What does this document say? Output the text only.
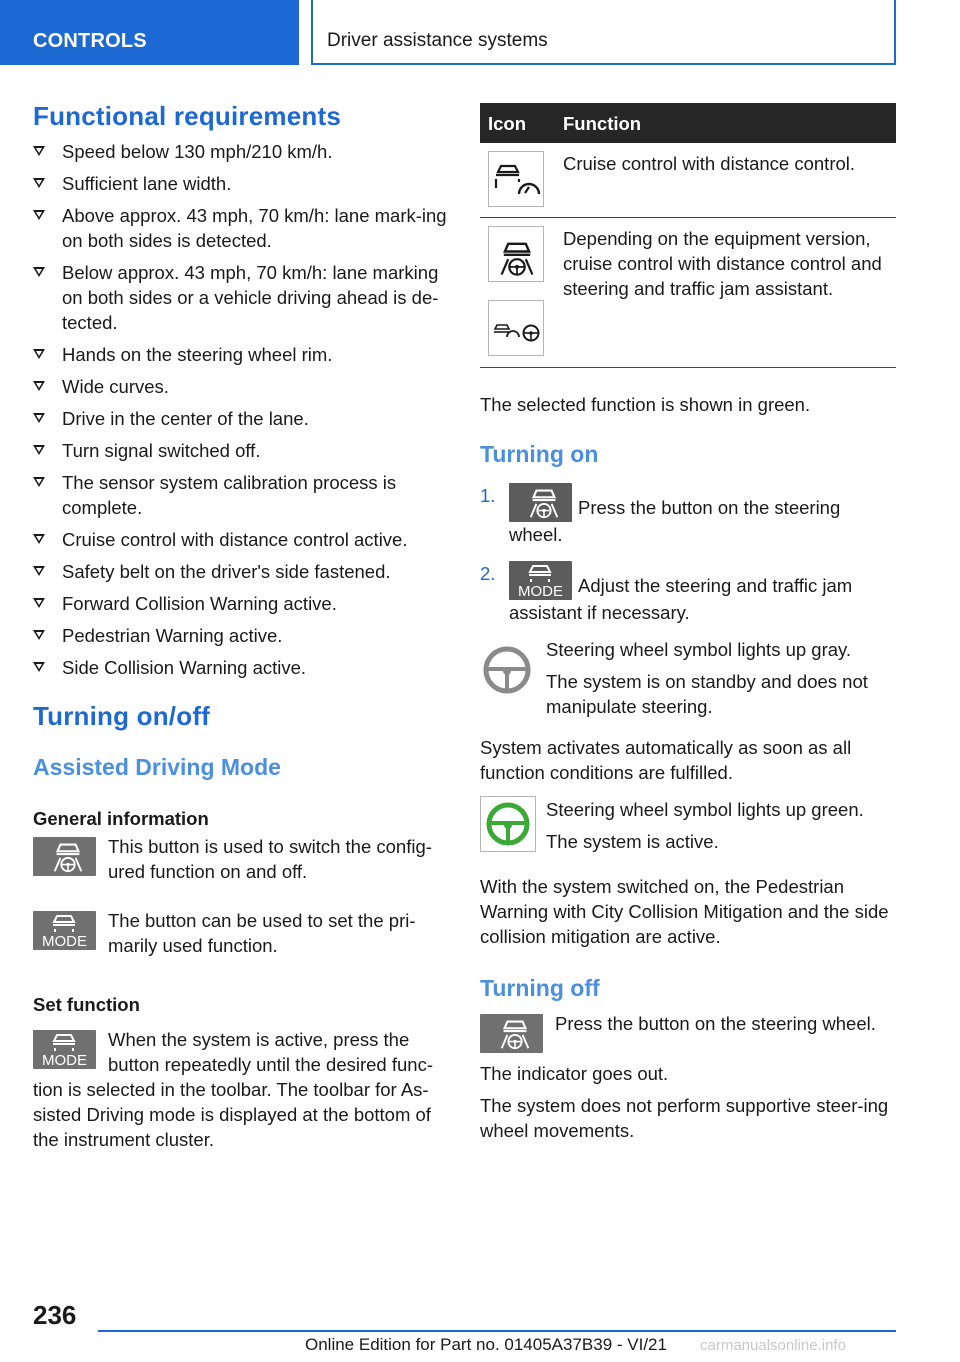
CONTROLS	Driver assistance systems
Functional requirements
Speed below 130 mph/210 km/h.
Sufficient lane width.
Above approx. 43 mph, 70 km/h: lane mark-ing on both sides is detected.
Below approx. 43 mph, 70 km/h: lane marking on both sides or a vehicle driving ahead is de-tected.
Hands on the steering wheel rim.
Wide curves.
Drive in the center of the lane.
Turn signal switched off.
The sensor system calibration process is complete.
Cruise control with distance control active.
Safety belt on the driver's side fastened.
Forward Collision Warning active.
Pedestrian Warning active.
Side Collision Warning active.
Turning on/off
Assisted Driving Mode
General information

This button is used to switch the config-ured function on and off.

MODE

The button can be used to set the pri-marily used function.

Set function
MODE

When the system is active, press the button repeatedly until the desired func-

tion is selected in the toolbar. The toolbar for As-sisted Driving mode is displayed at the bottom of the instrument cluster.

Icon	Function

	Cruise control with distance control.

	Depending on the equipment version, cruise control with distance control and steering and traffic jam assistant.

The selected function is shown in green.

Turning on
1.
Press the button on the steering wheel.
2.
MODE Adjust the steering and traffic jam assistant if necessary.

Steering wheel symbol lights up gray.

The system is on standby and does not manipulate steering.

System activates automatically as soon as all function conditions are fulfilled.

Steering wheel symbol lights up green.

The system is active.

With the system switched on, the Pedestrian Warning with City Collision Mitigation and the side collision mitigation are active.

Turning off

Press the button on the steering wheel.

The indicator goes out.

The system does not perform supportive steer-ing wheel movements.

236
Online Edition for Part no. 01405A37B39 - VI/21 carmanualsonline.info
